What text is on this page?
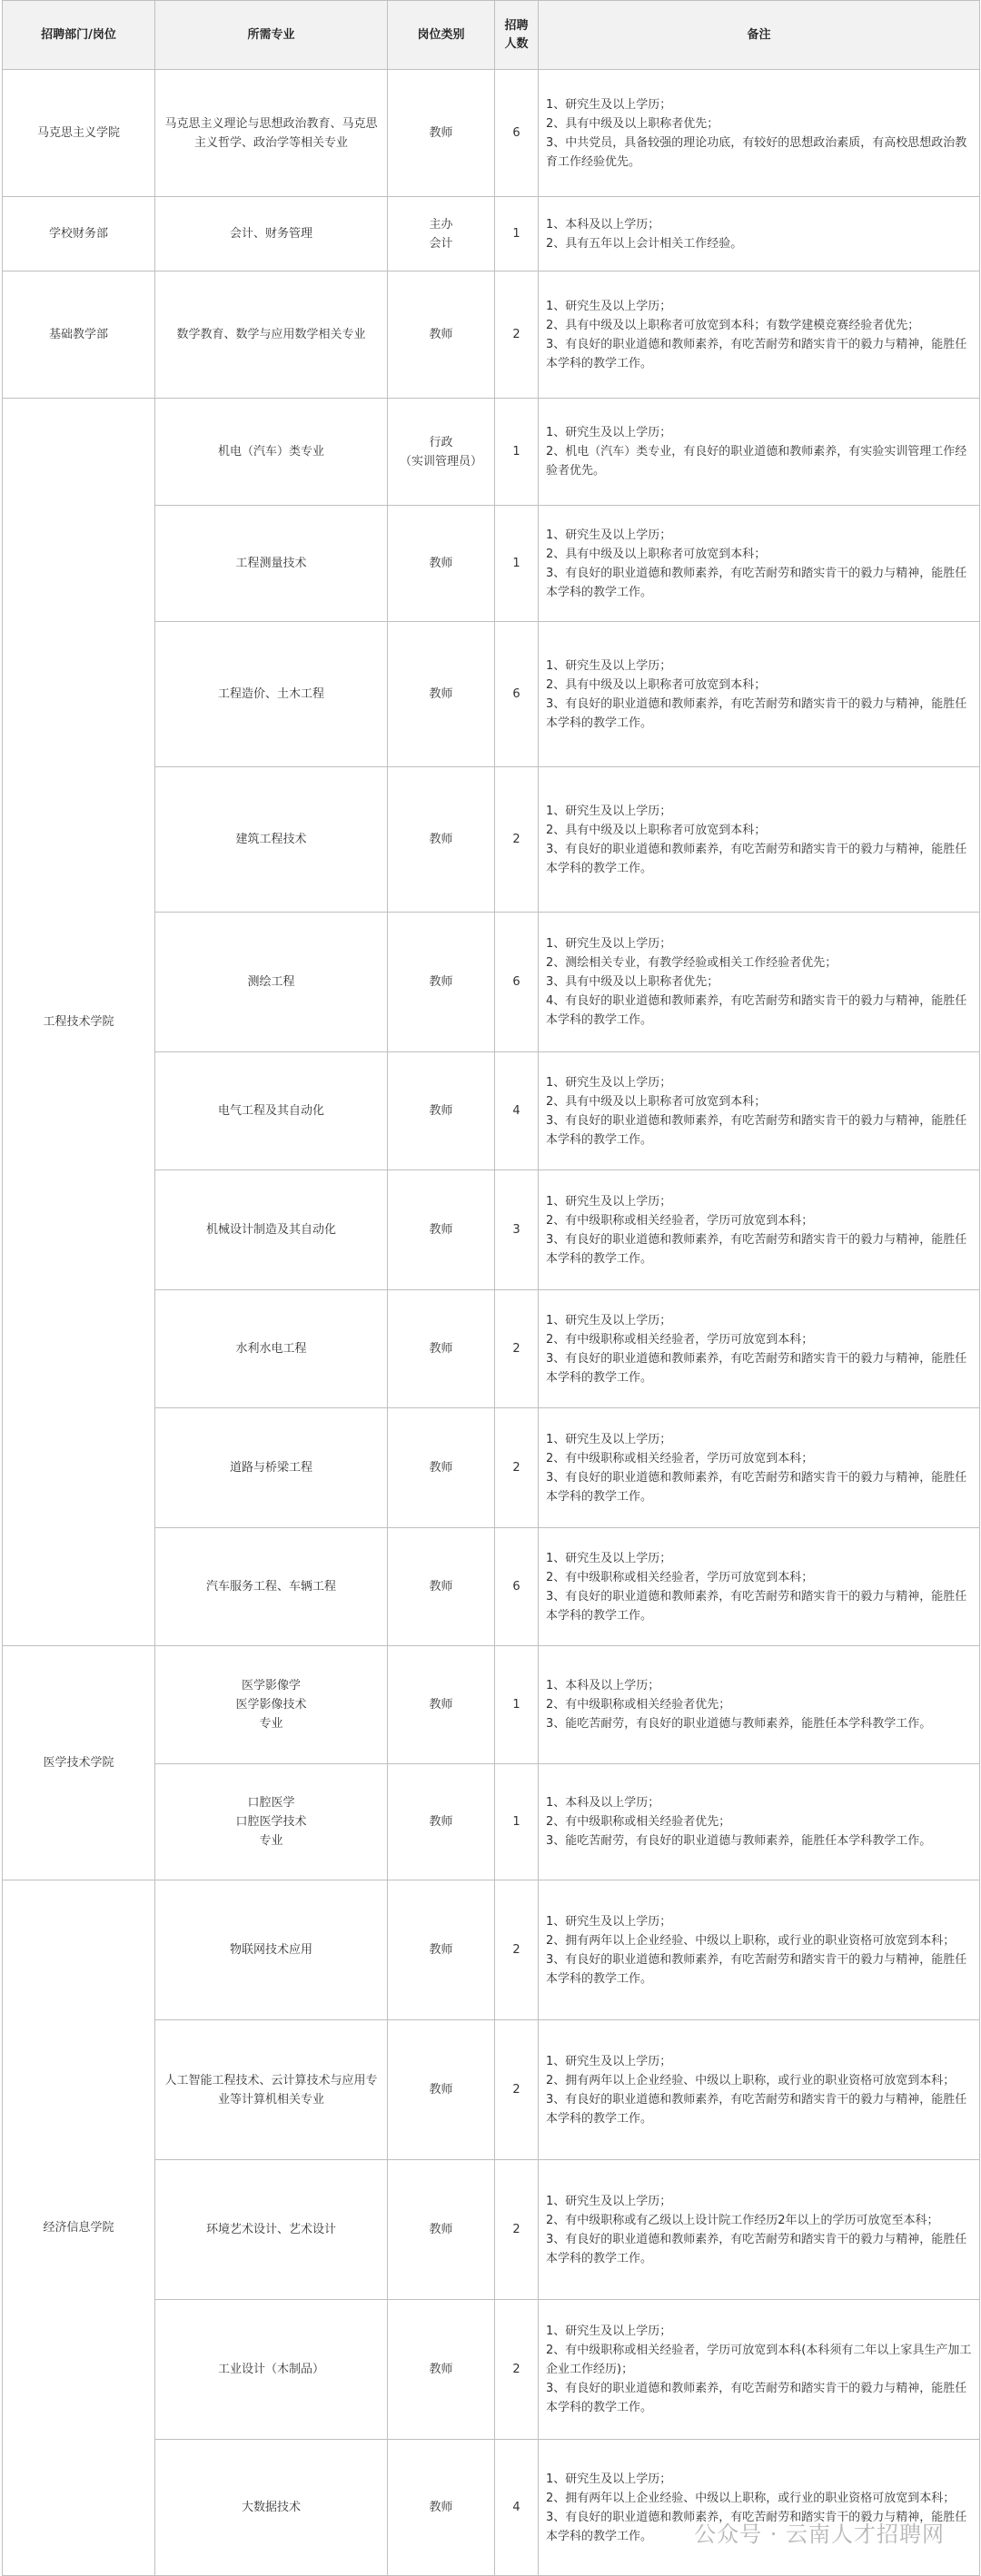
招聘部门/岗位	所需专业	岗位类别	招聘人数	备注
马克思主义学院	马克思主义理论与思想政治教育、马克思主义哲学、政治学等相关专业	教师	6	1、研究生及以上学历；
2、具有中级及以上职称者优先；
3、中共党员，具备较强的理论功底，有较好的思想政治素质，有高校思想政治教育工作经验优先。

学校财务部	会计、财务管理	主办
会计	1	1、本科及以上学历；
2、具有五年以上会计相关工作经验。

基础教学部	数学教育、数学与应用数学相关专业	教师	2	1、研究生及以上学历；
2、具有中级及以上职称者可放宽到本科；有数学建模竞赛经验者优先；
3、有良好的职业道德和教师素养，有吃苦耐劳和踏实肯干的毅力与精神，能胜任本学科的教学工作。

工程技术学院	机电（汽车）类专业	行政
（实训管理员）	1	1、研究生及以上学历；
2、机电（汽车）类专业，有良好的职业道德和教师素养，有实验实训管理工作经验者优先。

	工程测量技术	教师	1	1、研究生及以上学历；
2、具有中级及以上职称者可放宽到本科；
3、有良好的职业道德和教师素养，有吃苦耐劳和踏实肯干的毅力与精神，能胜任本学科的教学工作。

	工程造价、土木工程	教师	6	1、研究生及以上学历；
2、具有中级及以上职称者可放宽到本科；
3、有良好的职业道德和教师素养，有吃苦耐劳和踏实肯干的毅力与精神，能胜任本学科的教学工作。

	建筑工程技术	教师	2	1、研究生及以上学历；
2、具有中级及以上职称者可放宽到本科；
3、有良好的职业道德和教师素养，有吃苦耐劳和踏实肯干的毅力与精神，能胜任本学科的教学工作。

	测绘工程	教师	6	1、研究生及以上学历；
2、测绘相关专业，有教学经验或相关工作经验者优先；
3、具有中级及以上职称者优先；
4、有良好的职业道德和教师素养，有吃苦耐劳和踏实肯干的毅力与精神，能胜任本学科的教学工作。

	电气工程及其自动化	教师	4	1、研究生及以上学历；
2、具有中级及以上职称者可放宽到本科；
3、有良好的职业道德和教师素养，有吃苦耐劳和踏实肯干的毅力与精神，能胜任本学科的教学工作。

	机械设计制造及其自动化	教师	3	1、研究生及以上学历；
2、有中级职称或相关经验者，学历可放宽到本科；
3、有良好的职业道德和教师素养，有吃苦耐劳和踏实肯干的毅力与精神，能胜任本学科的教学工作。

	水利水电工程	教师	2	1、研究生及以上学历；
2、有中级职称或相关经验者，学历可放宽到本科；
3、有良好的职业道德和教师素养，有吃苦耐劳和踏实肯干的毅力与精神，能胜任本学科的教学工作。

	道路与桥梁工程	教师	2	1、研究生及以上学历；
2、有中级职称或相关经验者，学历可放宽到本科；
3、有良好的职业道德和教师素养，有吃苦耐劳和踏实肯干的毅力与精神，能胜任本学科的教学工作。

	汽车服务工程、车辆工程	教师	6	1、研究生及以上学历；
2、有中级职称或相关经验者，学历可放宽到本科；
3、有良好的职业道德和教师素养，有吃苦耐劳和踏实肯干的毅力与精神，能胜任本学科的教学工作。

医学技术学院	医学影像学
医学影像技术
专业	教师	1	1、本科及以上学历；
2、有中级职称或相关经验者优先；
3、能吃苦耐劳，有良好的职业道德与教师素养，能胜任本学科教学工作。

	口腔医学
口腔医学技术
专业	教师	1	1、本科及以上学历；
2、有中级职称或相关经验者优先；
3、能吃苦耐劳，有良好的职业道德与教师素养，能胜任本学科教学工作。

经济信息学院	物联网技术应用	教师	2	1、研究生及以上学历；
2、拥有两年以上企业经验、中级以上职称，或行业的职业资格可放宽到本科；
3、有良好的职业道德和教师素养，有吃苦耐劳和踏实肯干的毅力与精神，能胜任本学科的教学工作。

	人工智能工程技术、云计算技术与应用专业等计算机相关专业	教师	2	1、研究生及以上学历；
2、拥有两年以上企业经验、中级以上职称，或行业的职业资格可放宽到本科；
3、有良好的职业道德和教师素养，有吃苦耐劳和踏实肯干的毅力与精神，能胜任本学科的教学工作。

	环境艺术设计、艺术设计	教师	2	1、研究生及以上学历；
2、有中级职称或有乙级以上设计院工作经历2年以上的学历可放宽至本科；
3、有良好的职业道德和教师素养，有吃苦耐劳和踏实肯干的毅力与精神，能胜任本学科的教学工作。

	工业设计（木制品）	教师	2	1、研究生及以上学历；
2、有中级职称或相关经验者，学历可放宽到本科(本科须有二年以上家具生产加工企业工作经历)；
3、有良好的职业道德和教师素养，有吃苦耐劳和踏实肯干的毅力与精神，能胜任本学科的教学工作。

	大数据技术	教师	4	1、研究生及以上学历；
2、拥有两年以上企业经验、中级以上职称，或行业的职业资格可放宽到本科；
3、有良好的职业道德和教师素养，有吃苦耐劳和踏实肯干的毅力与精神，能胜任本学科的教学工作。	公众号 · 云南人才招聘网
